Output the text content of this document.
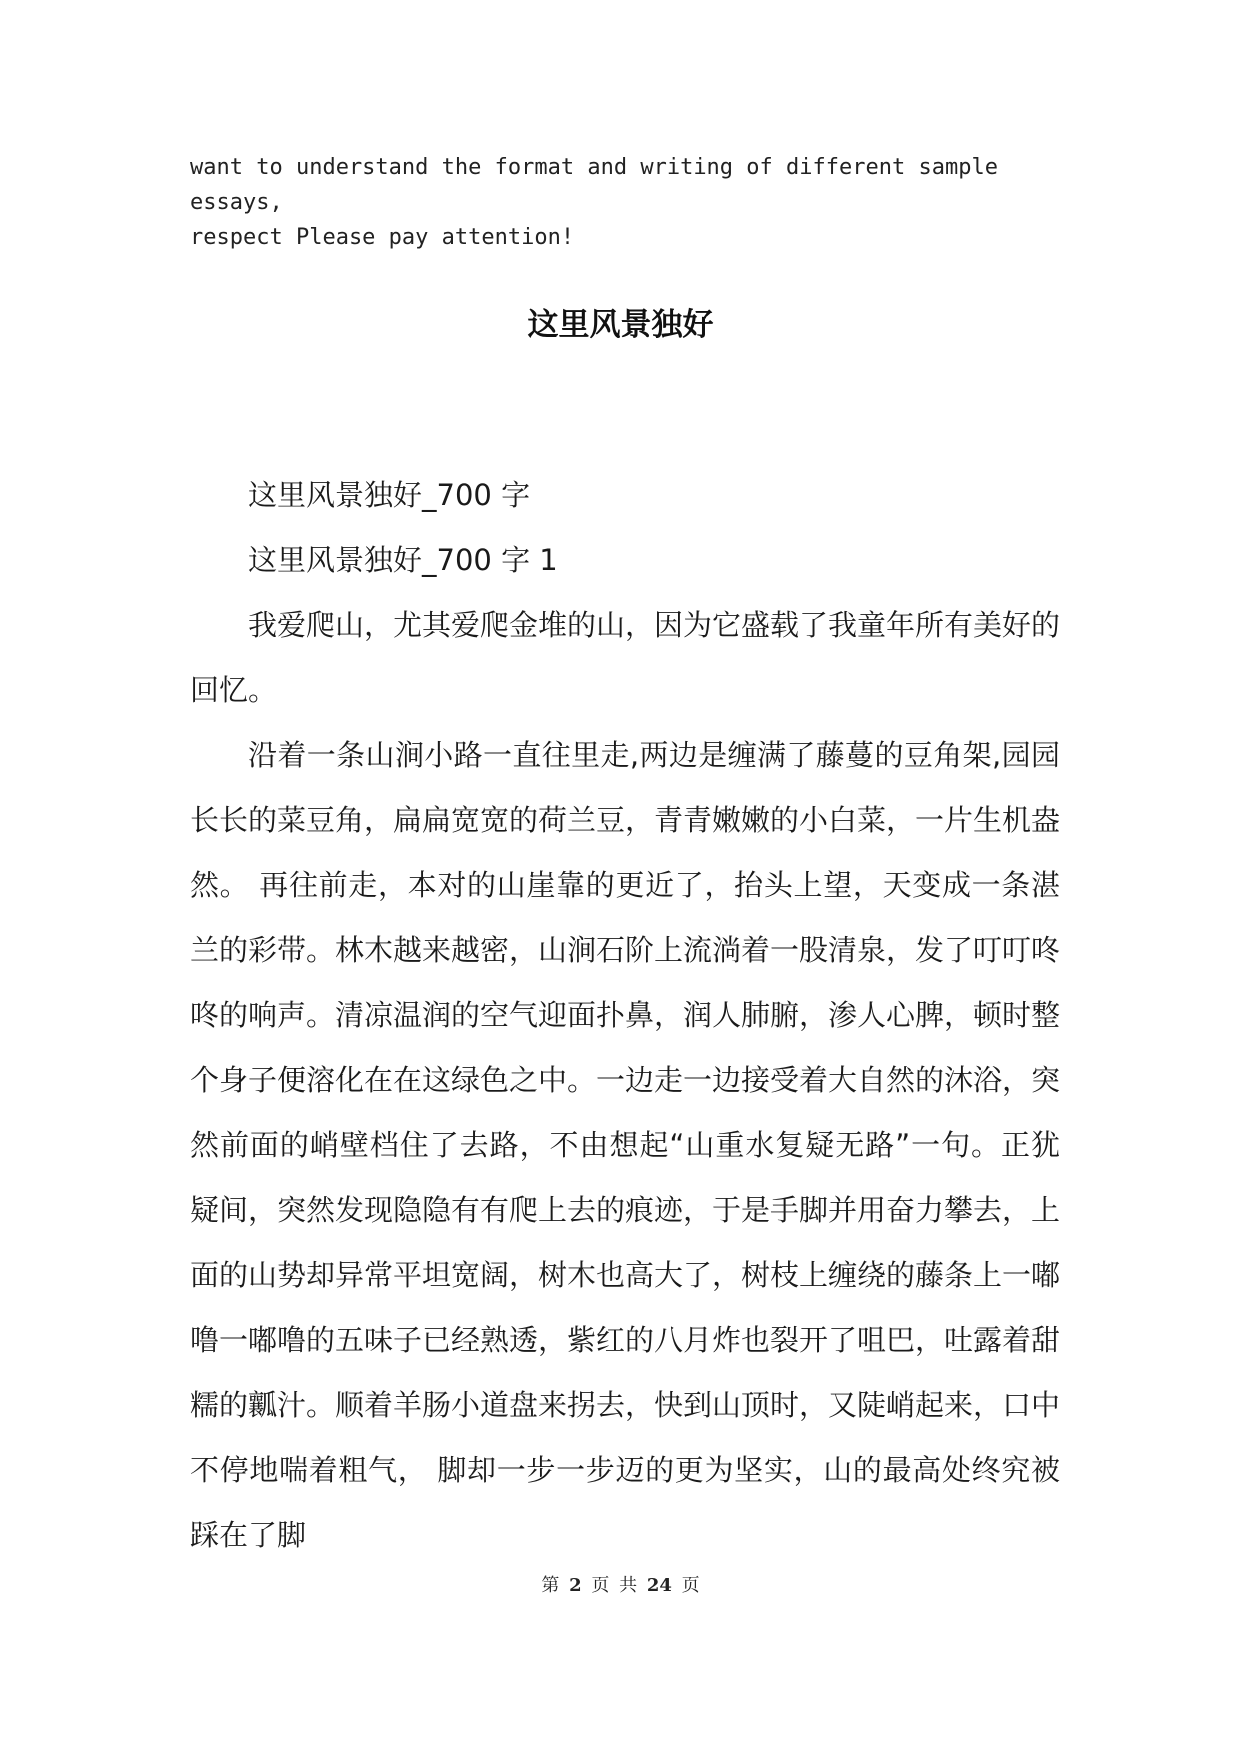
want to understand the format and writing of different sample essays,
respect Please pay attention!
这里风景独好

这里风景独好_700 字

这里风景独好_700 字 1

我爱爬山，尤其爱爬金堆的山，因为它盛载了我童年所有美好的回忆。

沿着一条山涧小路一直往里走,两边是缠满了藤蔓的豆角架,园园长长的菜豆角，扁扁宽宽的荷兰豆，青青嫩嫩的小白菜，一片生机盎然。 再往前走，本对的山崖靠的更近了，抬头上望，天变成一条湛兰的彩带。林木越来越密，山涧石阶上流淌着一股清泉，发了叮叮咚咚的响声。清凉温润的空气迎面扑鼻，润人肺腑，渗人心脾，顿时整个身子便溶化在在这绿色之中。一边走一边接受着大自然的沐浴，突然前面的峭壁档住了去路，不由想起“山重水复疑无路”一句。正犹疑间，突然发现隐隐有有爬上去的痕迹，于是手脚并用奋力攀去，上面的山势却异常平坦宽阔，树木也高大了，树枝上缠绕的藤条上一嘟噜一嘟噜的五味子已经熟透，紫红的八月炸也裂开了咀巴，吐露着甜糯的瓤汁。顺着羊肠小道盘来拐去，快到山顶时，又陡峭起来，口中不停地喘着粗气， 脚却一步一步迈的更为坚实，山的最高处终究被踩在了脚

第 2 页 共 24 页
